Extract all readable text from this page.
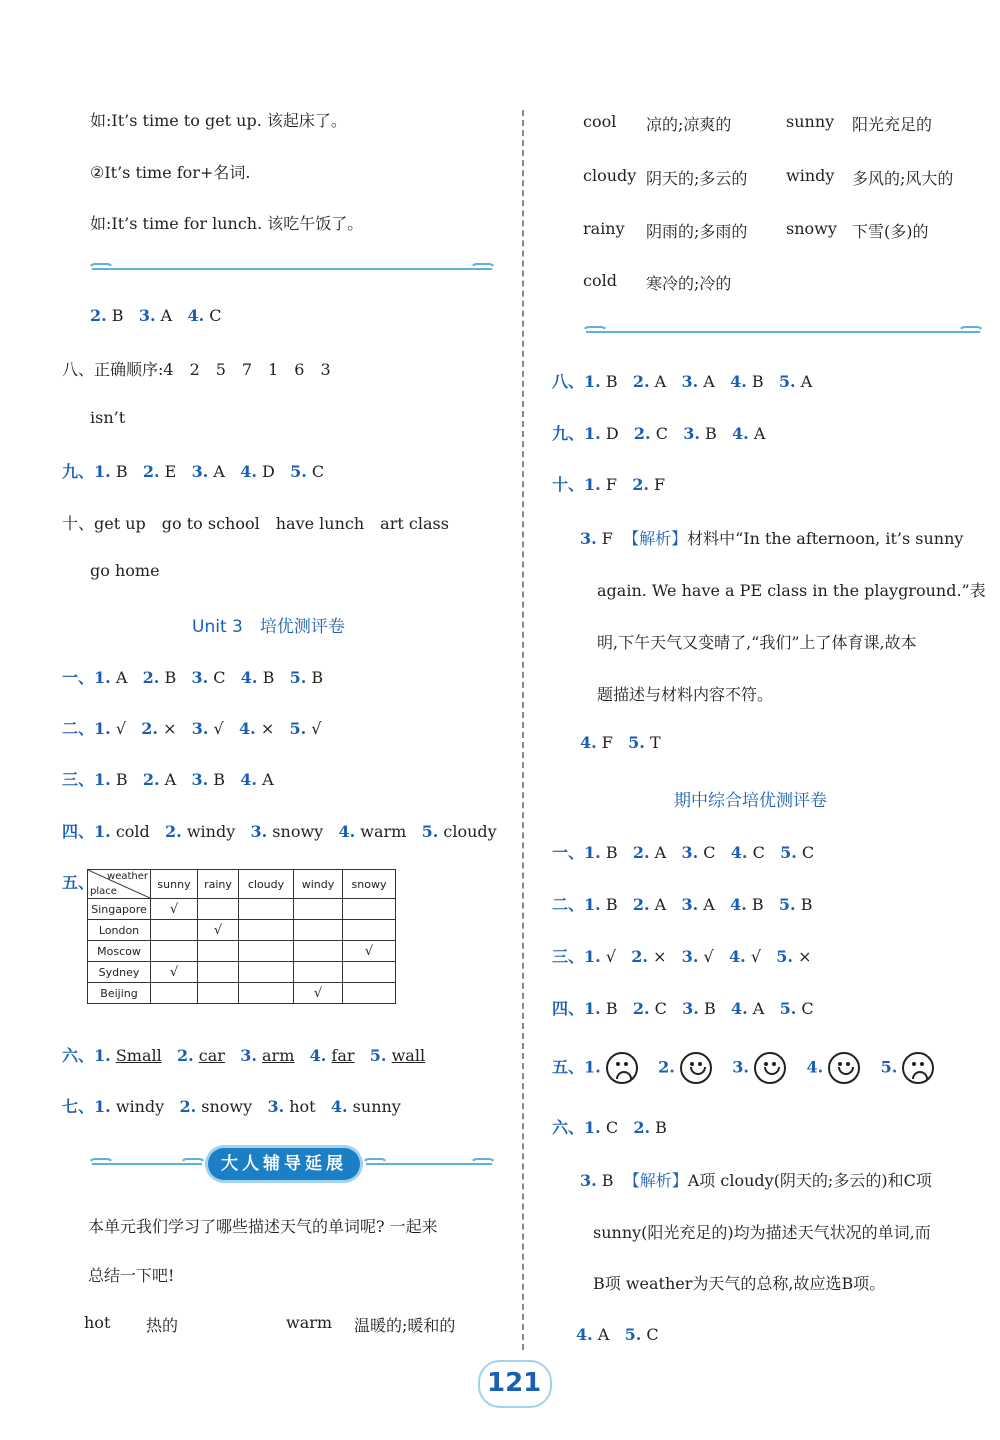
如:It’s time to get up. 该起床了。
②It’s time for+名词.
如:It’s time for lunch. 该吃午饭了。
2. B 3. A 4. C
八、正确顺序:4　2　5　7　1　6　3
isn’t
九、1. B 2. E 3. A 4. D 5. C
十、get up　go to school　have lunch　art class
go home
Unit 3　培优测评卷
一、1. A 2. B 3. C 4. B 5. B
二、1. √ 2. × 3. √ 4. × 5. √
三、1. B 2. A 3. B 4. A
四、1. cold 2. windy 3. snowy 4. warm 5. cloudy
五、 weather
place	sunny	rainy	cloudy	windy	snowy
Singapore	√				
London		√			
Moscow					√
Sydney	√				
Beijing				√	
六、1. Small 2. car 3. arm 4. far 5. wall
七、1. windy 2. snowy 3. hot 4. sunny
大人辅导延展
本单元我们学习了哪些描述天气的单词呢? 一起来
总结一下吧!
hot 热的	warm 温暖的;暖和的
cool 凉的;凉爽的	sunny 阳光充足的
cloudy 阴天的;多云的 windy 多风的;风大的
rainy 阴雨的;多雨的 snowy 下雪(多)的
cold 寒冷的;冷的
八、1. B 2. A 3. A 4. B 5. A
九、1. D 2. C 3. B 4. A
十、1. F 2. F
3. F 【解析】材料中“In the afternoon, it’s sunny
again. We have a PE class in the playground.”表
明,下午天气又变晴了,“我们”上了体育课,故本
题描述与材料内容不符。
4. F 5. T
期中综合培优测评卷
一、1. B 2. A 3. C 4. C 5. C
二、1. B 2. A 3. A 4. B 5. B
三、1. √ 2. × 3. √ 4. √ 5. ×
四、1. B 2. C 3. B 4. A 5. C
五、1.	2.	3.	4.	5.
六、1. C 2. B
3. B 【解析】A项 cloudy(阴天的;多云的)和C项
sunny(阳光充足的)均为描述天气状况的单词,而
B项 weather为天气的总称,故应选B项。
4. A 5. C
121
